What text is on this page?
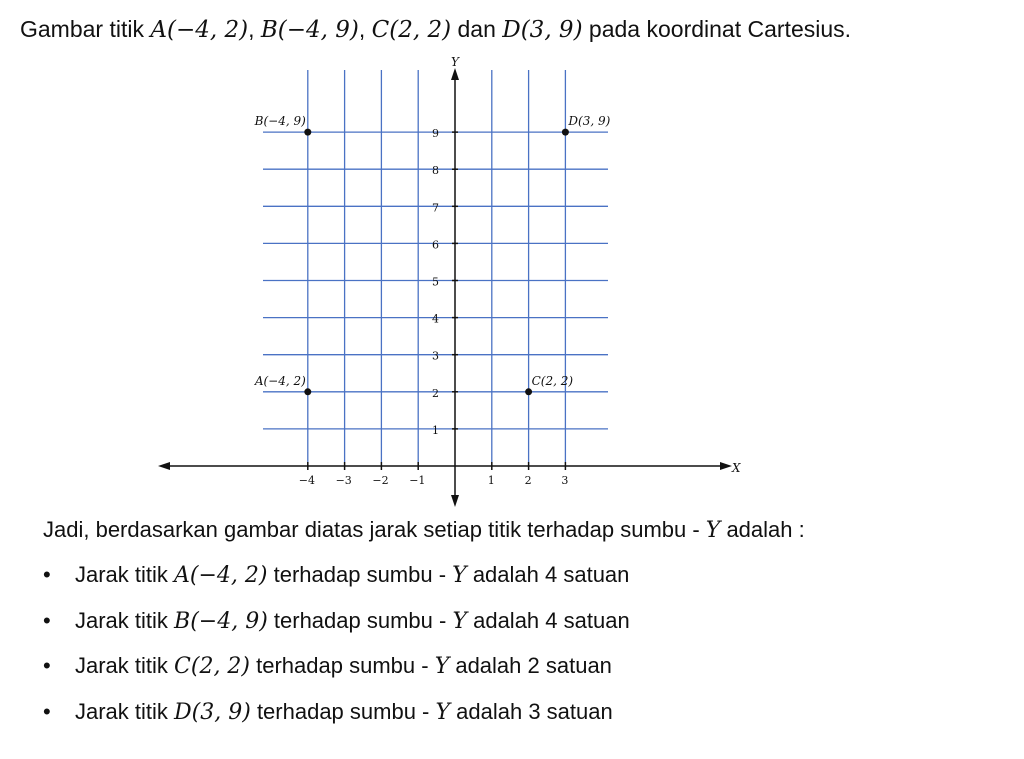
Gambar titik A(−4, 2), B(−4, 9), C(2, 2) dan D(3, 9) pada koordinat Cartesius.
X
Y
−4 −3 −2 −1	1	2	3
1
2
3
4
5
6
7
8
9
B(−4, 9)	D(3, 9)
A(−4, 2)	C(2, 2)
Jadi, berdasarkan gambar diatas jarak setiap titik terhadap sumbu - Y adalah :
• Jarak titik A(−4, 2) terhadap sumbu - Y adalah 4 satuan
• Jarak titik B(−4, 9) terhadap sumbu - Y adalah 4 satuan
• Jarak titik C(2, 2) terhadap sumbu - Y adalah 2 satuan
• Jarak titik D(3, 9) terhadap sumbu - Y adalah 3 satuan
